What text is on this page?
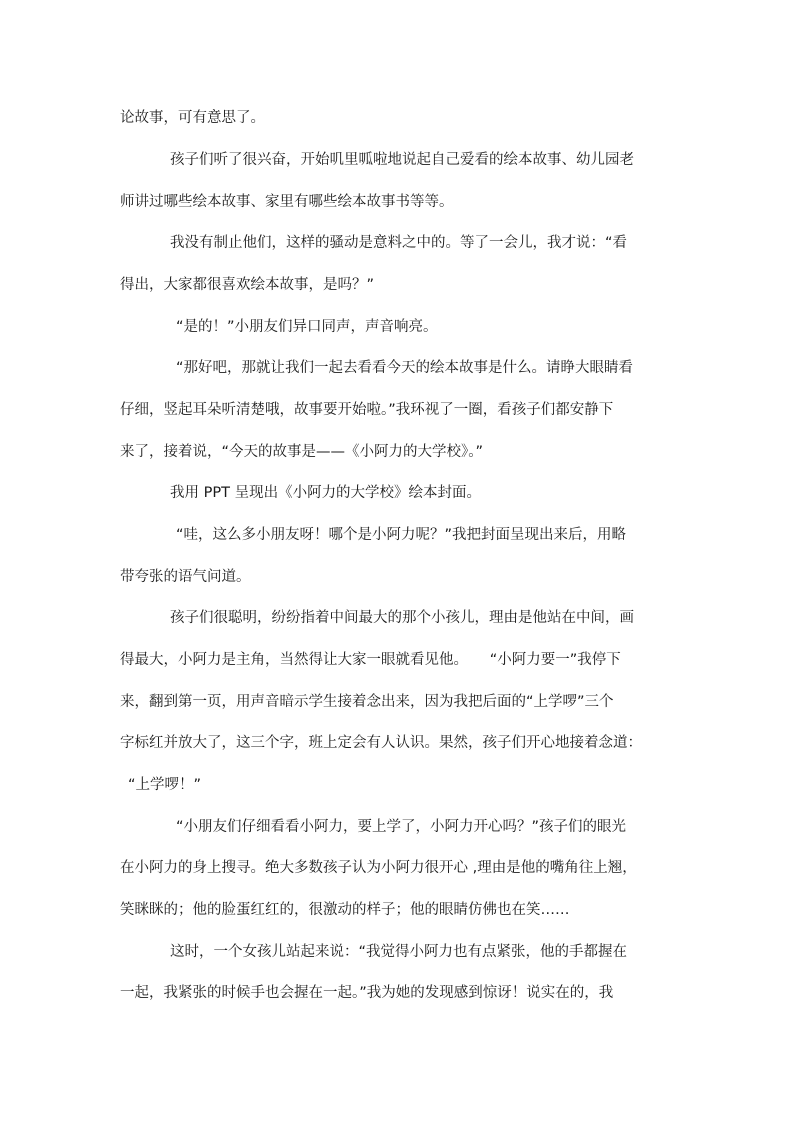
论故事，可有意思了。
孩子们听了很兴奋，开始叽里呱啦地说起自己爱看的绘本故事、幼儿园老
师讲过哪些绘本故事、家里有哪些绘本故事书等等。
我没有制止他们，这样的骚动是意料之中的。等了一会儿，我才说：“看
得出，大家都很喜欢绘本故事，是吗？”
“是的！”小朋友们异口同声，声音响亮。
“那好吧，那就让我们一起去看看今天的绘本故事是什么。请睁大眼睛看
仔细，竖起耳朵听清楚哦，故事要开始啦。”我环视了一圈，看孩子们都安静下
来了，接着说，“今天的故事是——《小阿力的大学校》。”
我用 PPT 呈现出《小阿力的大学校》绘本封面。
“哇，这么多小朋友呀！哪个是小阿力呢？”我把封面呈现出来后，用略
带夸张的语气问道。
孩子们很聪明，纷纷指着中间最大的那个小孩儿，理由是他站在中间，画
得最大，小阿力是主角，当然得让大家一眼就看见他。　　“小阿力要一”我停下
来，翻到第一页，用声音暗示学生接着念出来，因为我把后面的“上学啰”三个
字标红并放大了，这三个字，班上定会有人认识。果然，孩子们开心地接着念道：
“上学啰！”
“小朋友们仔细看看小阿力，要上学了，小阿力开心吗？”孩子们的眼光
在小阿力的身上搜寻。绝大多数孩子认为小阿力很开心 ,理由是他的嘴角往上翘，
笑眯眯的；他的脸蛋红红的，很激动的样子；他的眼睛仿佛也在笑……
这时，一个女孩儿站起来说：“我觉得小阿力也有点紧张，他的手都握在
一起，我紧张的时候手也会握在一起。”我为她的发现感到惊讶！说实在的，我
